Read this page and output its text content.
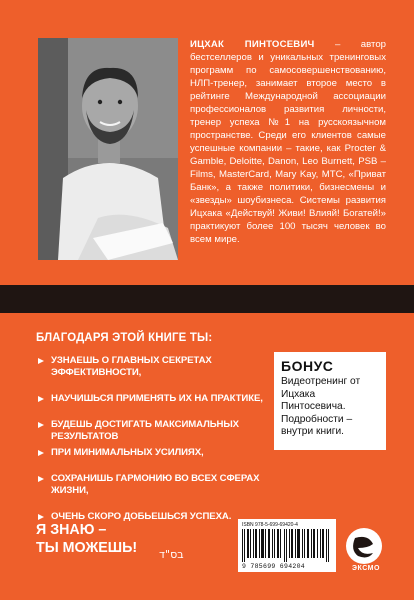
ИЦХАК ПИНТОСЕВИЧ – автор бестселлеров и уникальных тренинговых программ по самосовершенствованию, НЛП-тренер, занимает второе место в рейтинге Международной ассоциации профессионалов развития личности, тренер успеха №1 на русскоязычном пространстве. Среди его клиентов самые успешные компании – такие, как Procter & Gamble, Deloitte, Danon, Leo Burnett, PSB – Films, MasterCard, Mary Kay, МТС, «Приват Банк», а также политики, бизнесмены и «звезды» шоубизнеса. Системы развития Ицхака «Действуй! Живи! Влияй! Богатей!» практикуют более 100 тысяч человек во всем мире.

БЛАГОДАРЯ ЭТОЙ КНИГЕ ТЫ:
УЗНАЕШЬ О ГЛАВНЫХ СЕКРЕТАХ ЭФФЕКТИВНОСТИ,
НАУЧИШЬСЯ ПРИМЕНЯТЬ ИХ НА ПРАКТИКЕ,
БУДЕШЬ ДОСТИГАТЬ МАКСИМАЛЬНЫХ РЕЗУЛЬТАТОВ
ПРИ МИНИМАЛЬНЫХ УСИЛИЯХ,
СОХРАНИШЬ ГАРМОНИЮ ВО ВСЕХ СФЕРАХ ЖИЗНИ,
ОЧЕНЬ СКОРО ДОБЬЕШЬСЯ УСПЕХА.
БОНУС
Видеотренинг от Ицхака Пинтосевича. Подробности – внутри книги.
Я ЗНАЮ –
ТЫ МОЖЕШЬ! בס"ד
ISBN 978-5-699-69420-4
9 785699 694204	ЭКСМО
